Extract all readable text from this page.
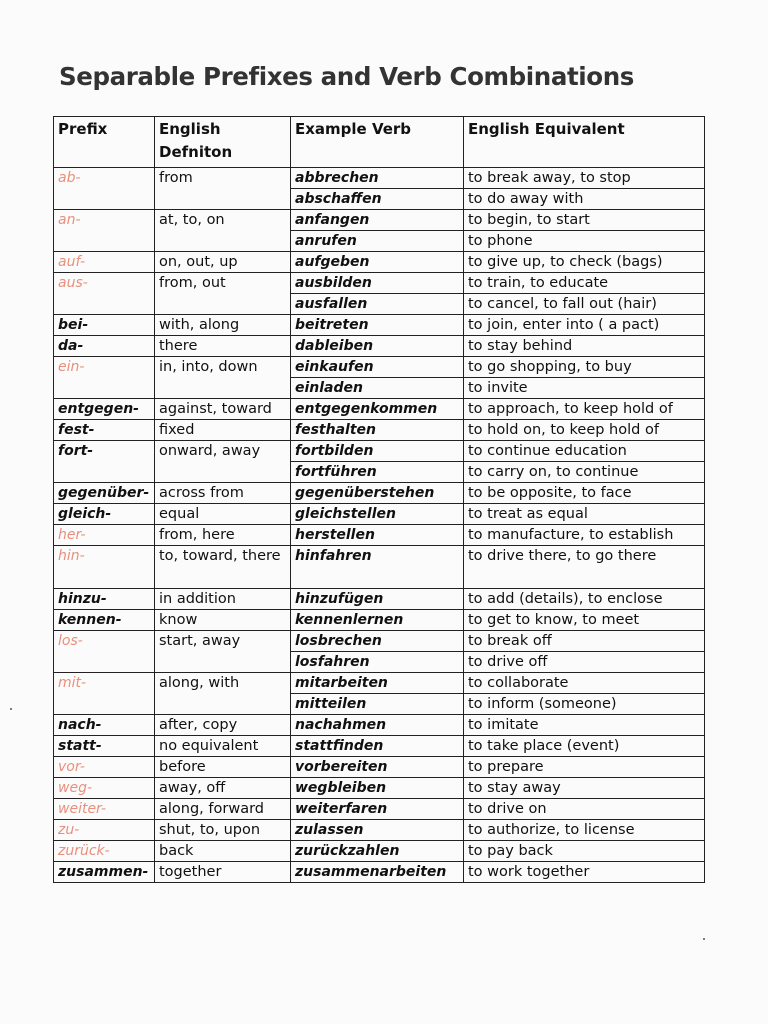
Separable Prefixes and Verb Combinations
Prefix	English Defniton	Example Verb	English Equivalent
ab-	from	abbrechen	to break away, to stop
		abschaffen	to do away with
an-	at, to, on	anfangen	to begin, to start
		anrufen	to phone
auf-	on, out, up	aufgeben	to give up, to check (bags)
aus-	from, out	ausbilden	to train, to educate
		ausfallen	to cancel, to fall out (hair)
bei-	with, along	beitreten	to join, enter into ( a pact)
da-	there	dableiben	to stay behind
ein-	in, into, down	einkaufen	to go shopping, to buy
		einladen	to invite
entgegen-	against, toward	entgegenkommen	to approach, to keep hold of
fest-	fixed	festhalten	to hold on, to keep hold of
fort-	onward, away	fortbilden	to continue education
		fortführen	to carry on, to continue
gegenüber-	across from	gegenüberstehen	to be opposite, to face
gleich-	equal	gleichstellen	to treat as equal
her-	from, here	herstellen	to manufacture, to establish
hin-	to, toward, there	hinfahren	to drive there, to go there
hinzu-	in addition	hinzufügen	to add (details), to enclose
kennen-	know	kennenlernen	to get to know, to meet
los-	start, away	losbrechen	to break off
		losfahren	to drive off
mit-	along, with	mitarbeiten	to collaborate
		mitteilen	to inform (someone)
nach-	after, copy	nachahmen	to imitate
statt-	no equivalent	stattfinden	to take place (event)
vor-	before	vorbereiten	to prepare
weg-	away, off	wegbleiben	to stay away
weiter-	along, forward	weiterfaren	to drive on
zu-	shut, to, upon	zulassen	to authorize, to license
zurück-	back	zurückzahlen	to pay back
zusammen-	together	zusammenarbeiten	to work together
